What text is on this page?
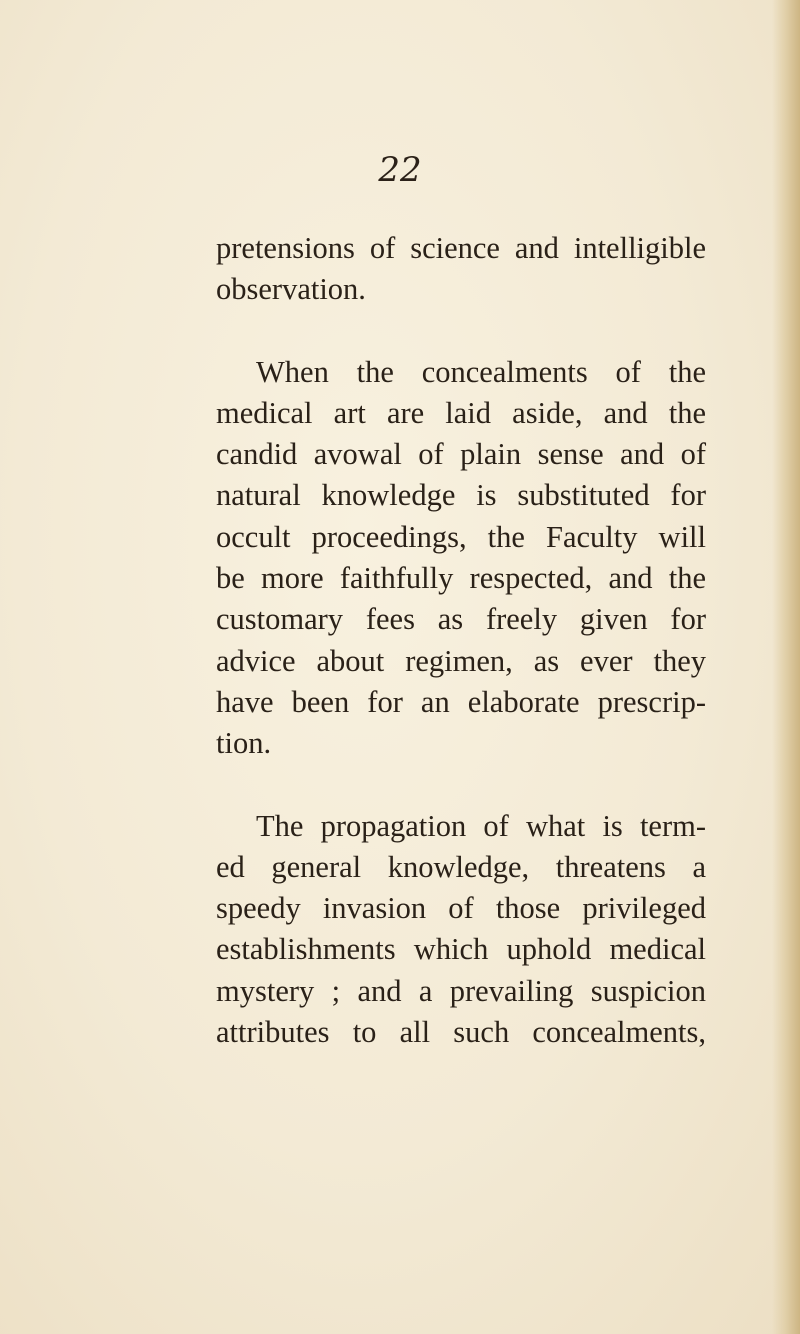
22

pretensions of science and intelligible
observation.

When the concealments of the
medical art are laid aside, and the
candid avowal of plain sense and of
natural knowledge is substituted for
occult proceedings, the Faculty will
be more faithfully respected, and the
customary fees as freely given for
advice about regimen, as ever they
have been for an elaborate prescrip-
tion.

The propagation of what is term-
ed general knowledge, threatens a
speedy invasion of those privileged
establishments which uphold medical
mystery ; and a prevailing suspicion
attributes to all such concealments,
